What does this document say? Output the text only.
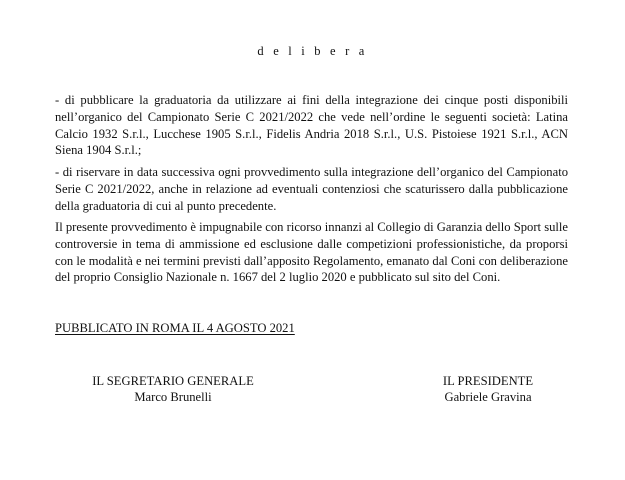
d e l i b e r a

- di pubblicare la graduatoria da utilizzare ai fini della integrazione dei cinque posti disponibili nell’organico del Campionato Serie C 2021/2022 che vede nell’ordine le seguenti società: Latina Calcio 1932 S.r.l., Lucchese 1905 S.r.l., Fidelis Andria 2018 S.r.l., U.S. Pistoiese 1921 S.r.l., ACN Siena 1904 S.r.l.;

- di riservare in data successiva ogni provvedimento sulla integrazione dell’organico del Campionato Serie C 2021/2022, anche in relazione ad eventuali contenziosi che scaturissero dalla pubblicazione della graduatoria di cui al punto precedente.

Il presente provvedimento è impugnabile con ricorso innanzi al Collegio di Garanzia dello Sport sulle controversie in tema di ammissione ed esclusione dalle competizioni professionistiche, da proporsi con le modalità e nei termini previsti dall’apposito Regolamento, emanato dal Coni con deliberazione del proprio Consiglio Nazionale n. 1667 del 2 luglio 2020 e pubblicato sul sito del Coni.

PUBBLICATO IN ROMA IL 4 AGOSTO 2021
IL SEGRETARIO GENERALE
Marco Brunelli
IL PRESIDENTE
Gabriele Gravina
